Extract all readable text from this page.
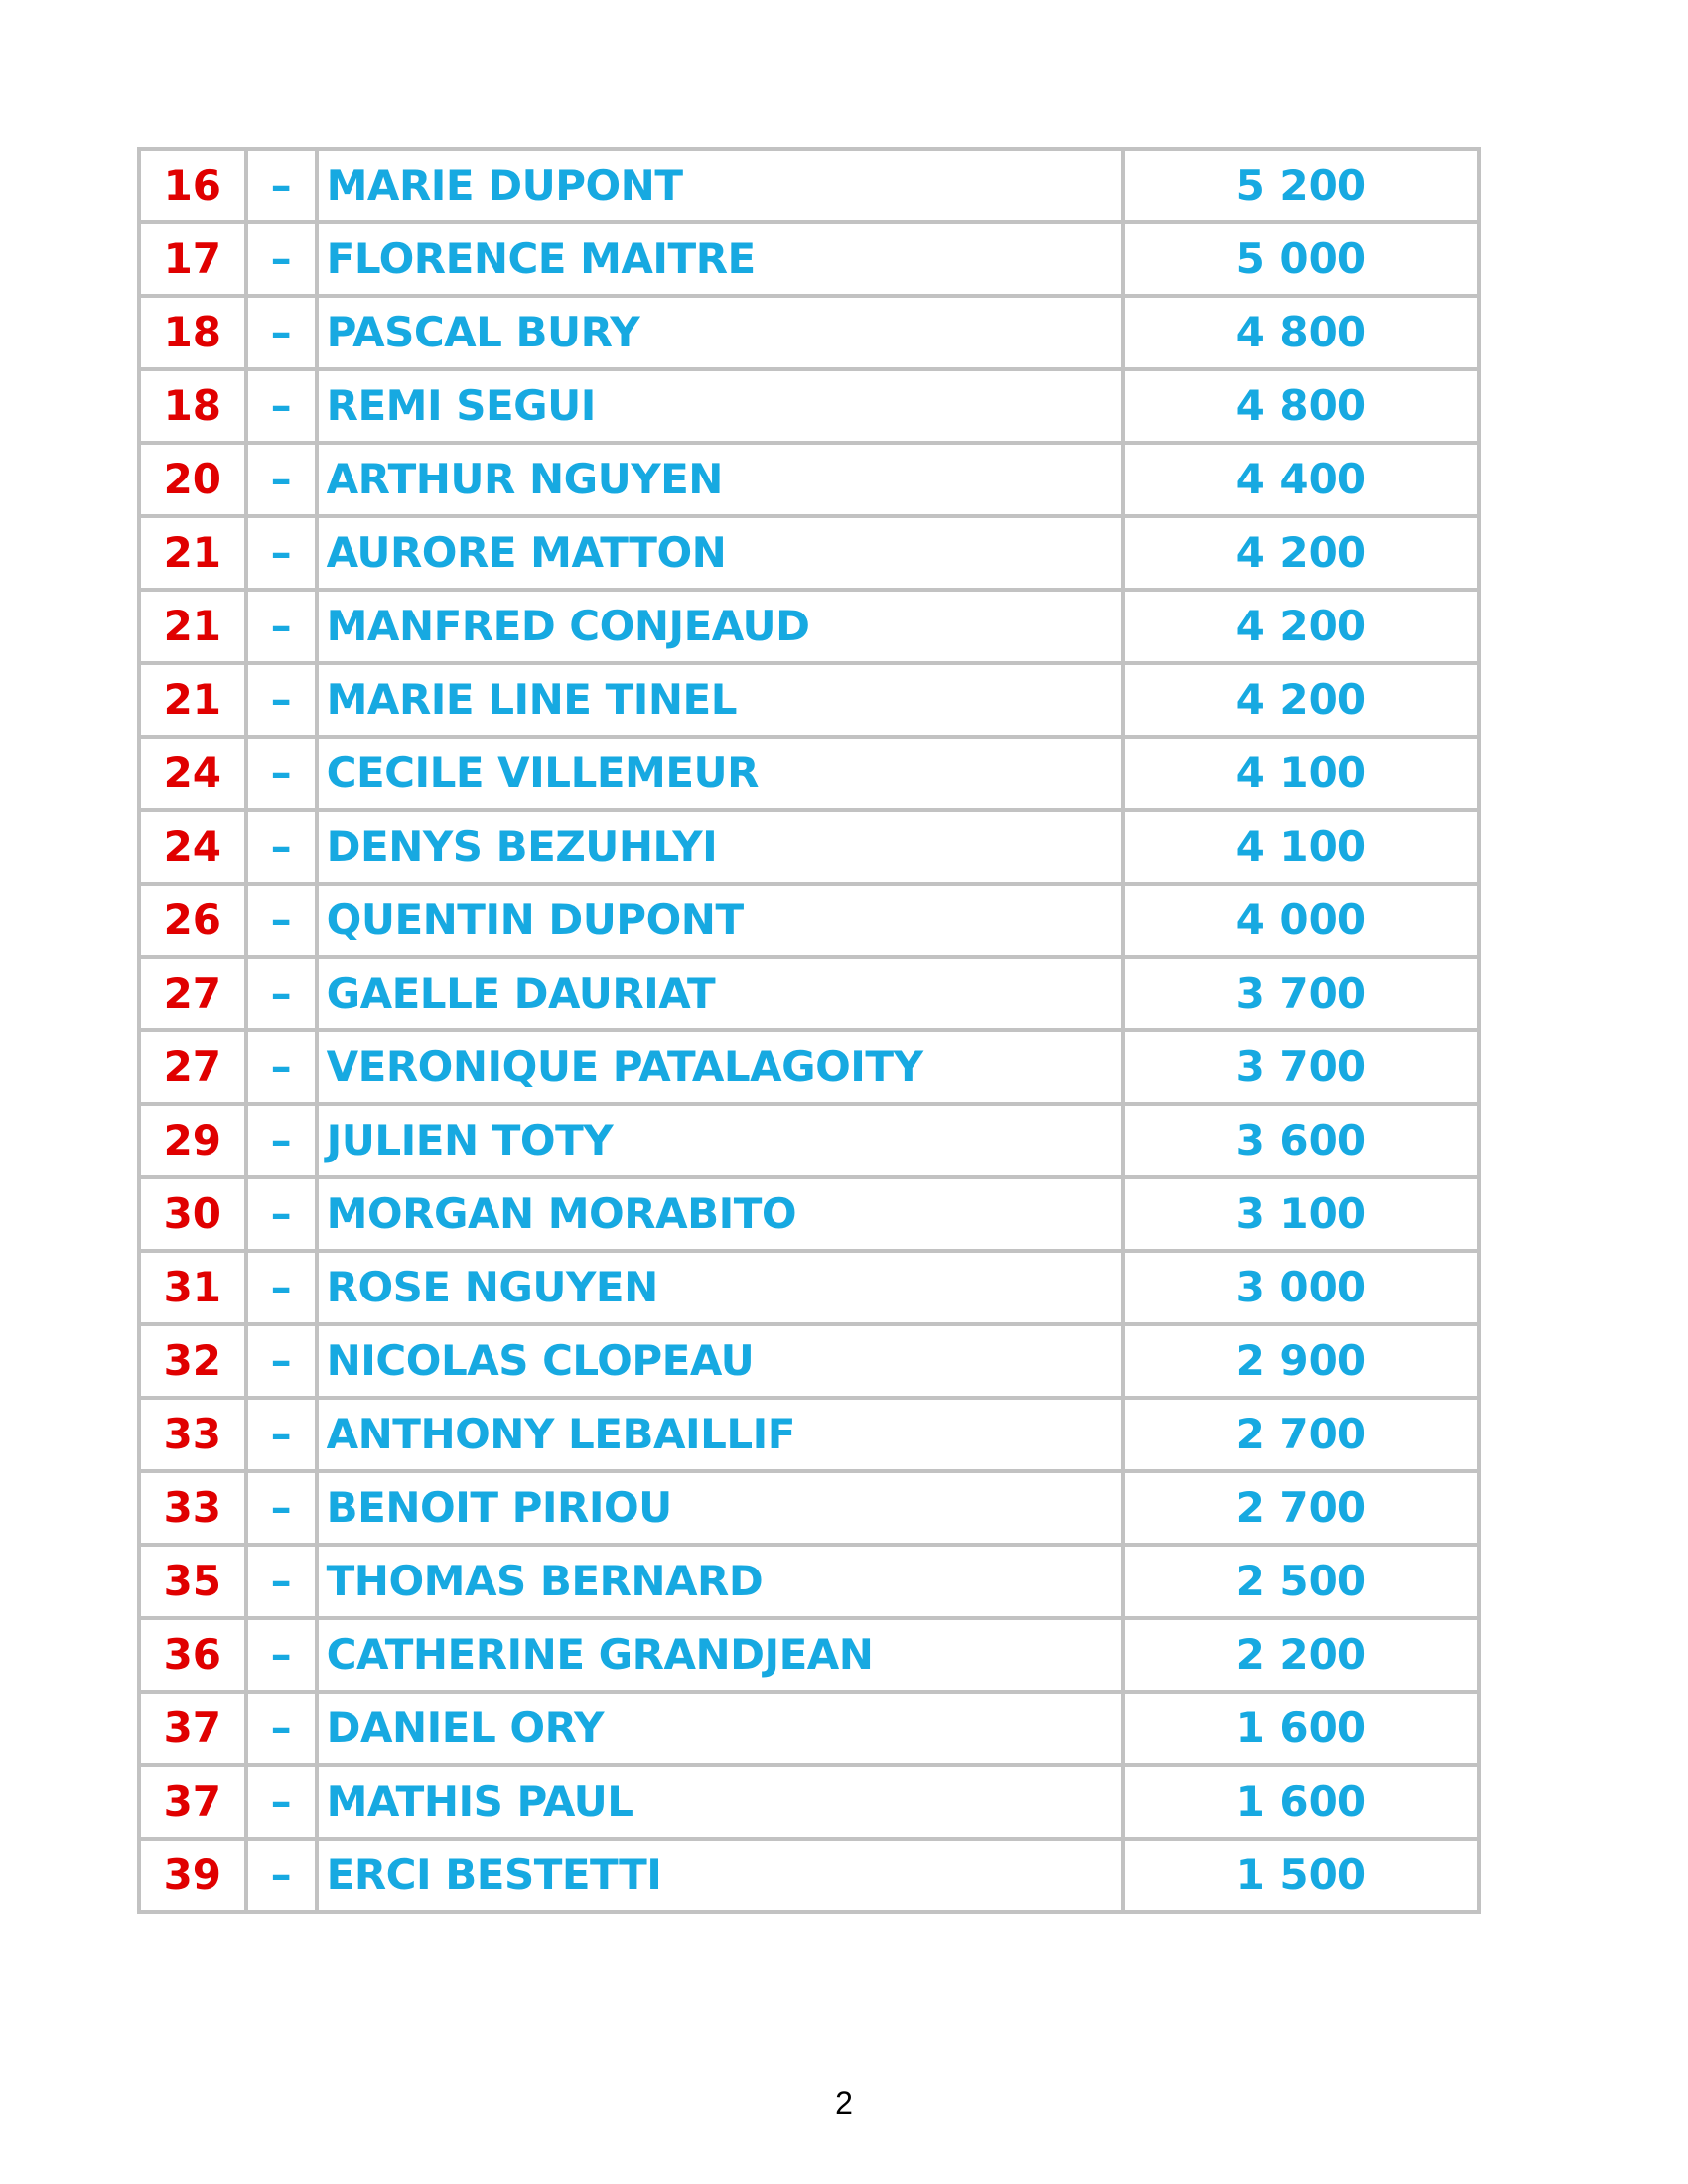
16	–	MARIE DUPONT	5 200
17	–	FLORENCE MAITRE	5 000
18	–	PASCAL BURY	4 800
18	–	REMI SEGUI	4 800
20	–	ARTHUR NGUYEN	4 400
21	–	AURORE MATTON	4 200
21	–	MANFRED CONJEAUD	4 200
21	–	MARIE LINE TINEL	4 200
24	–	CECILE VILLEMEUR	4 100
24	–	DENYS BEZUHLYI	4 100
26	–	QUENTIN DUPONT	4 000
27	–	GAELLE DAURIAT	3 700
27	–	VERONIQUE PATALAGOITY	3 700
29	–	JULIEN TOTY	3 600
30	–	MORGAN MORABITO	3 100
31	–	ROSE NGUYEN	3 000
32	–	NICOLAS CLOPEAU	2 900
33	–	ANTHONY LEBAILLIF	2 700
33	–	BENOIT PIRIOU	2 700
35	–	THOMAS BERNARD	2 500
36	–	CATHERINE GRANDJEAN	2 200
37	–	DANIEL ORY	1 600
37	–	MATHIS PAUL	1 600
39	–	ERCI BESTETTI	1 500
2
